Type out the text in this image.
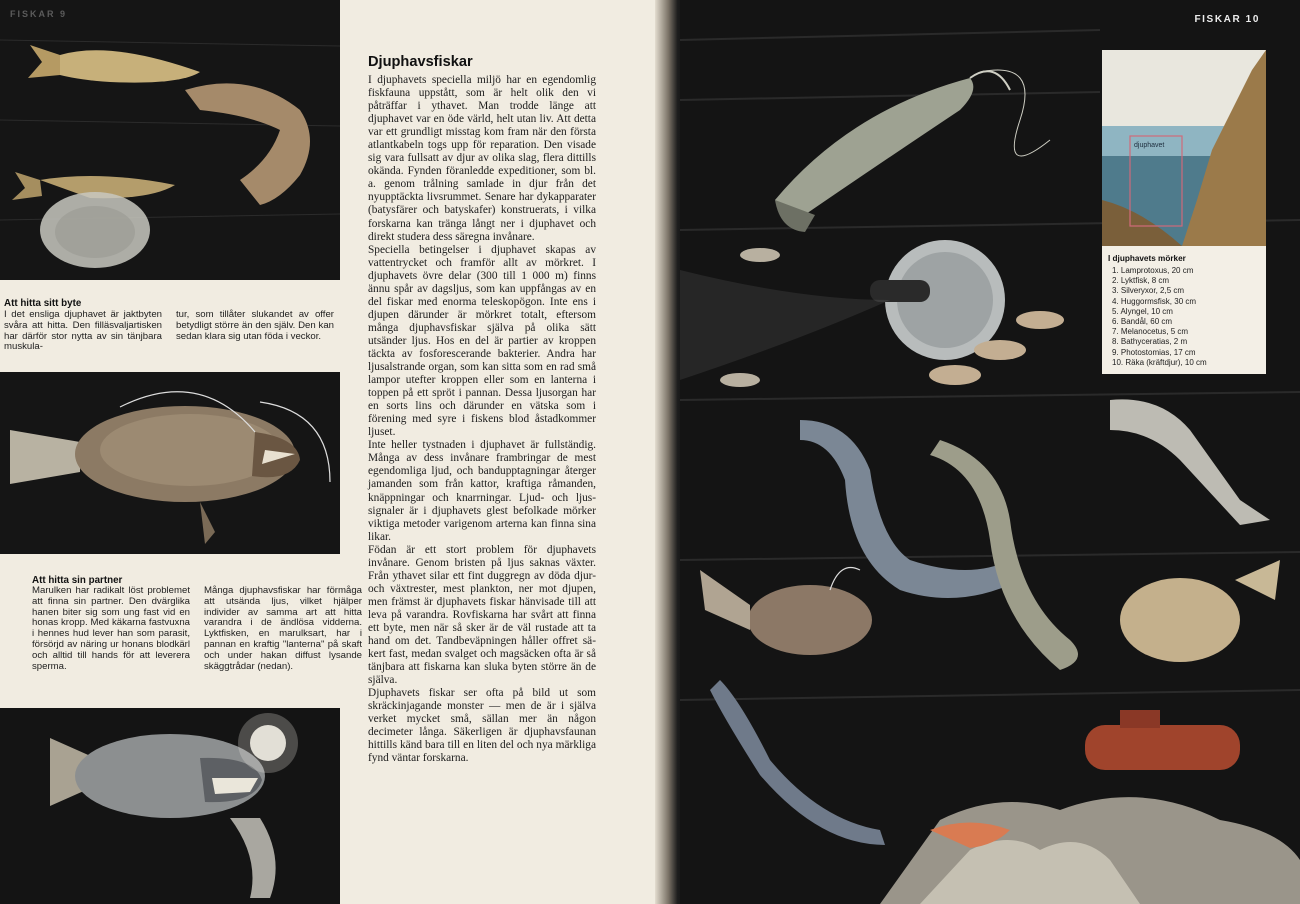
FISKAR 9
Att hitta sitt byte
I det ensliga djuphavet är jaktbyten svåra att hitta. Den filläsvaljartisken har därför stor nytta av sin tänjbara muskula-
tur, som tillåter slukandet av offer betydligt större än den själv. Den kan sedan klara sig utan föda i veckor.
Att hitta sin partner
Marulken har radikalt löst problemet att finna sin partner. Den dvärglika hanen biter sig som ung fast vid en honas kropp. Med käkarna fastvuxna i hennes hud lever han som parasit, försörjd av näring ur honans blodkärl och alltid till hands för att leverera sperma.
Många djuphavsfiskar har förmåga att utsända ljus, vilket hjälper individer av samma art att hitta varandra i de ändlösa vidderna. Lyktfisken, en marulksart, har i pannan en kraftig "lanterna" på skaft och under hakan diffust lysande skäggtrådar (nedan).
Djuphavsfiskar

I djuphavets speciella miljö har en egendomlig fiskfauna uppstått, som är helt olik den vi påträffar i ythavet. Man trodde länge att djuphavet var en öde värld, helt utan liv. Att detta var ett grundligt misstag kom fram när den första atlantkabeln togs upp för reparation. Den visade sig vara fullsatt av djur av olika slag, flera dittills okända. Fynden föranledde expeditioner, som bl. a. genom trålning samlade in djur från det nyupptäckta livsrummet. Senare har dykapparater (batysfärer och batyskafer) konstruerats, i vilka forskarna kan tränga långt ner i djuphavet och direkt studera dess säregna invånare.

Speciella betingelser i djuphavet skapas av vattentrycket och framför allt av mörkret. I djuphavets övre delar (300 till 1 000 m) finns ännu spår av dagsljus, som kan uppfångas av en del fiskar med enorma teleskopögon. Inte ens i djupen därunder är mörkret totalt, eftersom många djuphavsfiskar själva på olika sätt utsänder ljus. Hos en del är partier av kroppen täckta av fosforescerande bakterier. Andra har ljusalstrande organ, som kan sitta som en rad små lampor utefter kroppen eller som en lanterna i toppen på ett spröt i pannan. Dessa ljusorgan har en sorts lins och därunder en vätska som i förening med syre i fiskens blod åstadkommer ljuset.

Inte heller tystnaden i djuphavet är fullständig. Många av dess invånare frambringar de mest egendomliga ljud, och bandupptagningar återger jamanden som från kattor, kraftiga råmanden, knäppningar och knarrningar. Ljud- och ljussignaler är i djuphavets glest befolkade mörker viktiga metoder varigenom arterna kan finna sina likar.

Födan är ett stort problem för djuphavets invånare. Genom bristen på ljus saknas växter. Från ythavet silar ett fint duggregn av döda djur- och växtrester, mest plankton, ner mot djupen, men främst är djuphavets fiskar hänvisade till att leva på varandra. Rovfiskarna har svårt att finna ett byte, men när så sker är de väl rustade att ta hand om det. Tandbeväpningen håller offret säkert fast, medan svalget och magsäcken ofta är så tänjbara att fiskarna kan sluka byten större än de själva.

Djuphavets fiskar ser ofta på bild ut som skräckinjagande monster — men de är i själva verket mycket små, sällan mer än någon decimeter långa. Säkerligen är djuphavsfaunan hittills känd bara till en liten del och nya märkliga fynd väntar forskarna.

FISKAR 10
djuphavet
I djuphavets mörker
1. Lamprotoxus, 20 cm
2. Lyktfisk, 8 cm
3. Silveryxor, 2,5 cm
4. Huggormsfisk, 30 cm
5. Alyngel, 10 cm
6. Bandål, 60 cm
7. Melanocetus, 5 cm
8. Bathyceratias, 2 m
9. Photostomias, 17 cm
10. Räka (kräftdjur), 10 cm
